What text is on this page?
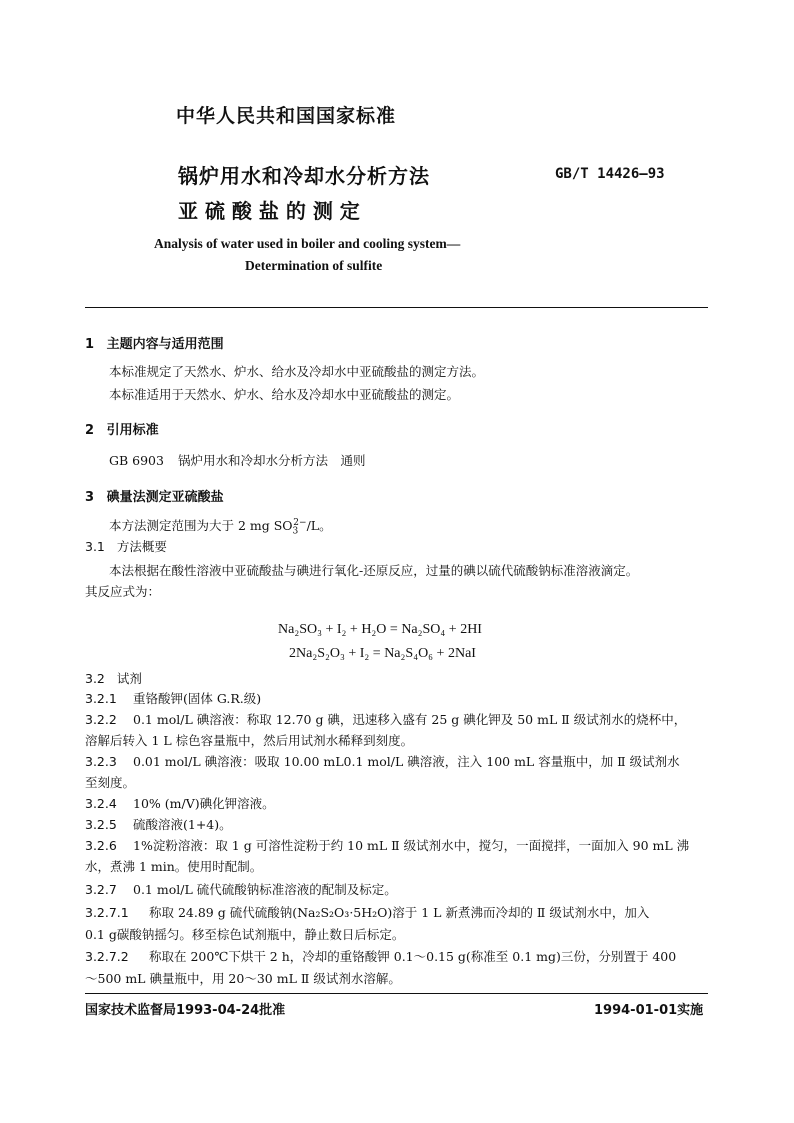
中华人民共和国国家标准
锅炉用水和冷却水分析方法
亚 硫 酸 盐 的 测 定
GB/T 14426—93
Analysis of water used in boiler and cooling system—
Determination of sulfite
1 主题内容与适用范围
本标准规定了天然水、炉水、给水及冷却水中亚硫酸盐的测定方法。
本标准适用于天然水、炉水、给水及冷却水中亚硫酸盐的测定。
2 引用标准
GB 6903 锅炉用水和冷却水分析方法　通则
3 碘量法测定亚硫酸盐
本方法测定范围为大于 2 mg $SO_3^{2-}/L$。
3.1 方法概要
本法根据在酸性溶液中亚硫酸盐与碘进行氧化-还原反应，过量的碘以硫代硫酸钠标准溶液滴定。
其反应式为：
Na₂SO₃ + I₂ + H₂O = Na₂SO₄ + 2HI
2Na₂S₂O₃ + I₂ = Na₂S₄O₆ + 2NaI
3.2 试剂
3.2.1 重铬酸钾(固体 G.R.级)
3.2.2 0.1 mol/L 碘溶液：称取 12.70 g 碘，迅速移入盛有 25 g 碘化钾及 50 mL Ⅱ 级试剂水的烧杯中，
溶解后转入 1 L 棕色容量瓶中，然后用试剂水稀释到刻度。
3.2.3 0.01 mol/L 碘溶液：吸取 10.00 mL0.1 mol/L 碘溶液，注入 100 mL 容量瓶中，加 Ⅱ 级试剂水
至刻度。
3.2.4 10% (m/V)碘化钾溶液。
3.2.5 硫酸溶液(1+4)。
3.2.6 1%淀粉溶液：取 1 g 可溶性淀粉于约 10 mL Ⅱ 级试剂水中，搅匀，一面搅拌，一面加入 90 mL 沸
水，煮沸 1 min。使用时配制。
3.2.7 0.1 mol/L 硫代硫酸钠标准溶液的配制及标定。
3.2.7.1 称取 24.89 g 硫代硫酸钠(Na₂S₂O₃·5H₂O)溶于 1 L 新煮沸而冷却的 Ⅱ 级试剂水中，加入
0.1 g碳酸钠摇匀。移至棕色试剂瓶中，静止数日后标定。
3.2.7.2 称取在 200℃下烘干 2 h，冷却的重铬酸钾 0.1～0.15 g(称准至 0.1 mg)三份，分别置于 400
～500 mL 碘量瓶中，用 20～30 mL Ⅱ 级试剂水溶解。
国家技术监督局1993-04-24批准	1994-01-01实施
